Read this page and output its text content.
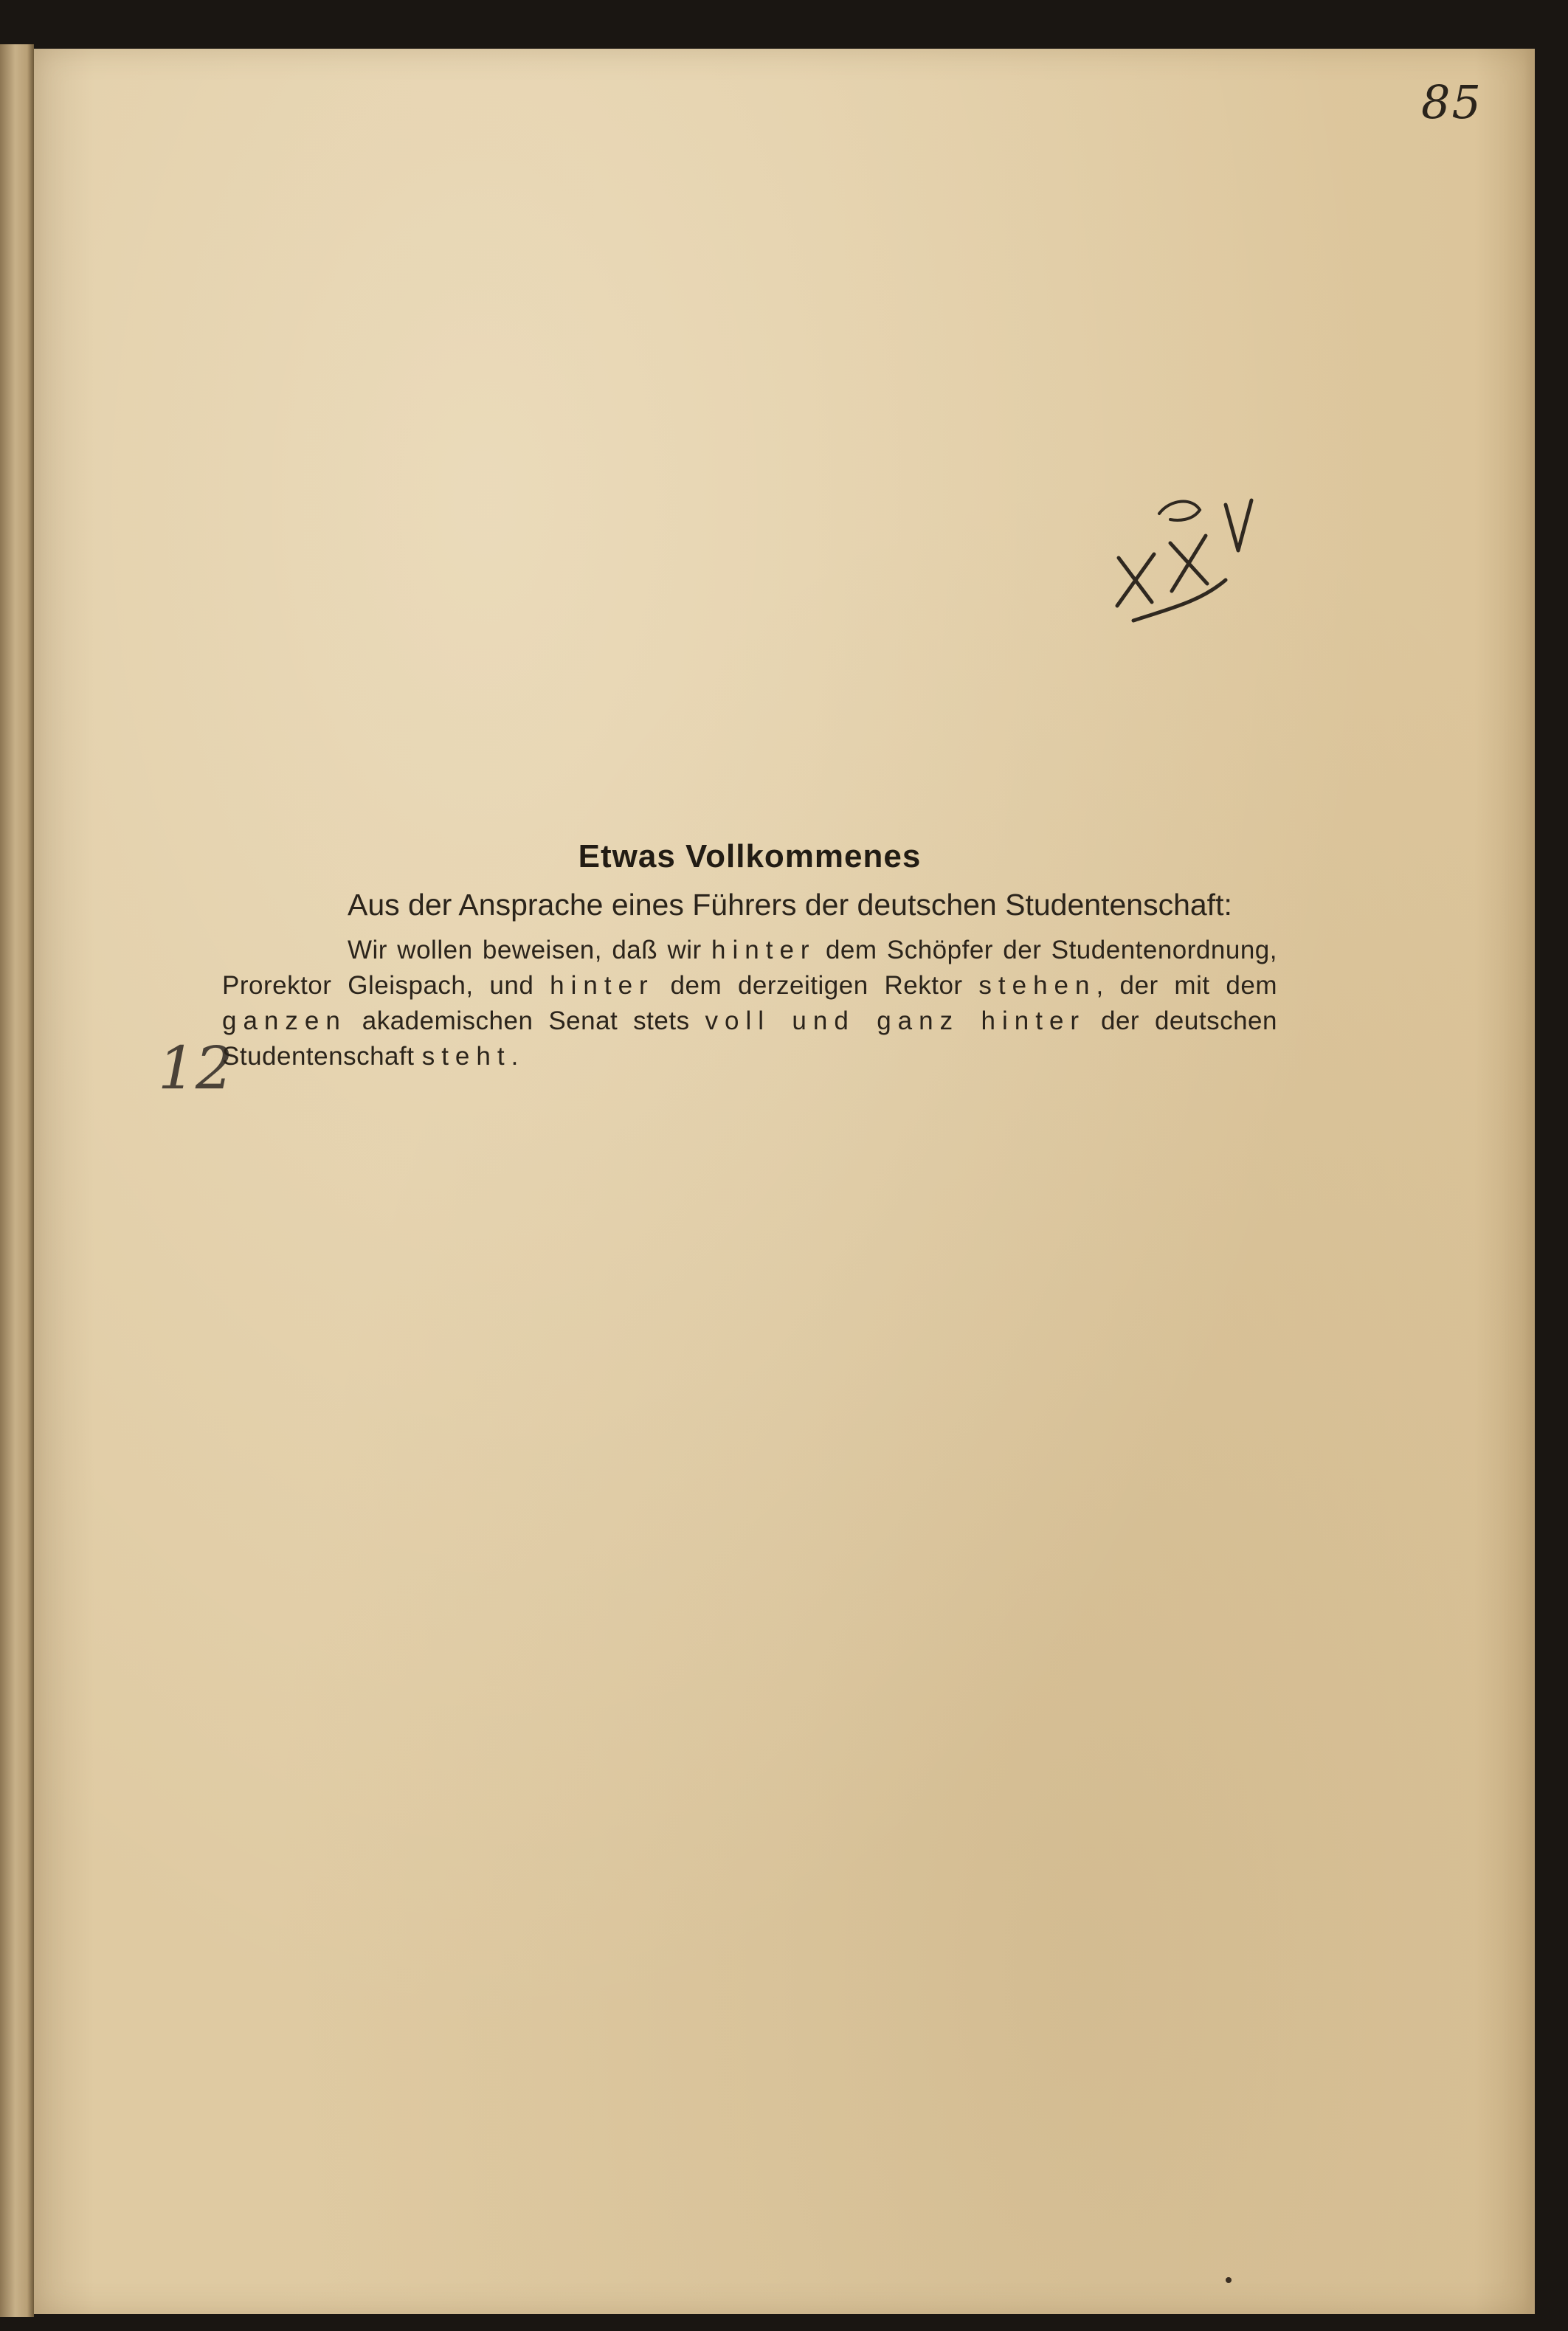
85
12
Etwas Vollkommenes

Aus der Ansprache eines Führers der deutschen Studentenschaft:

Wir wollen beweisen, daß wir hinter dem Schöpfer der Studentenordnung, Prorektor Gleispach, und hinter dem derzeitigen Rektor stehen, der mit dem ganzen akademischen Senat stets voll und ganz hinter der deutschen Studentenschaft steht.
